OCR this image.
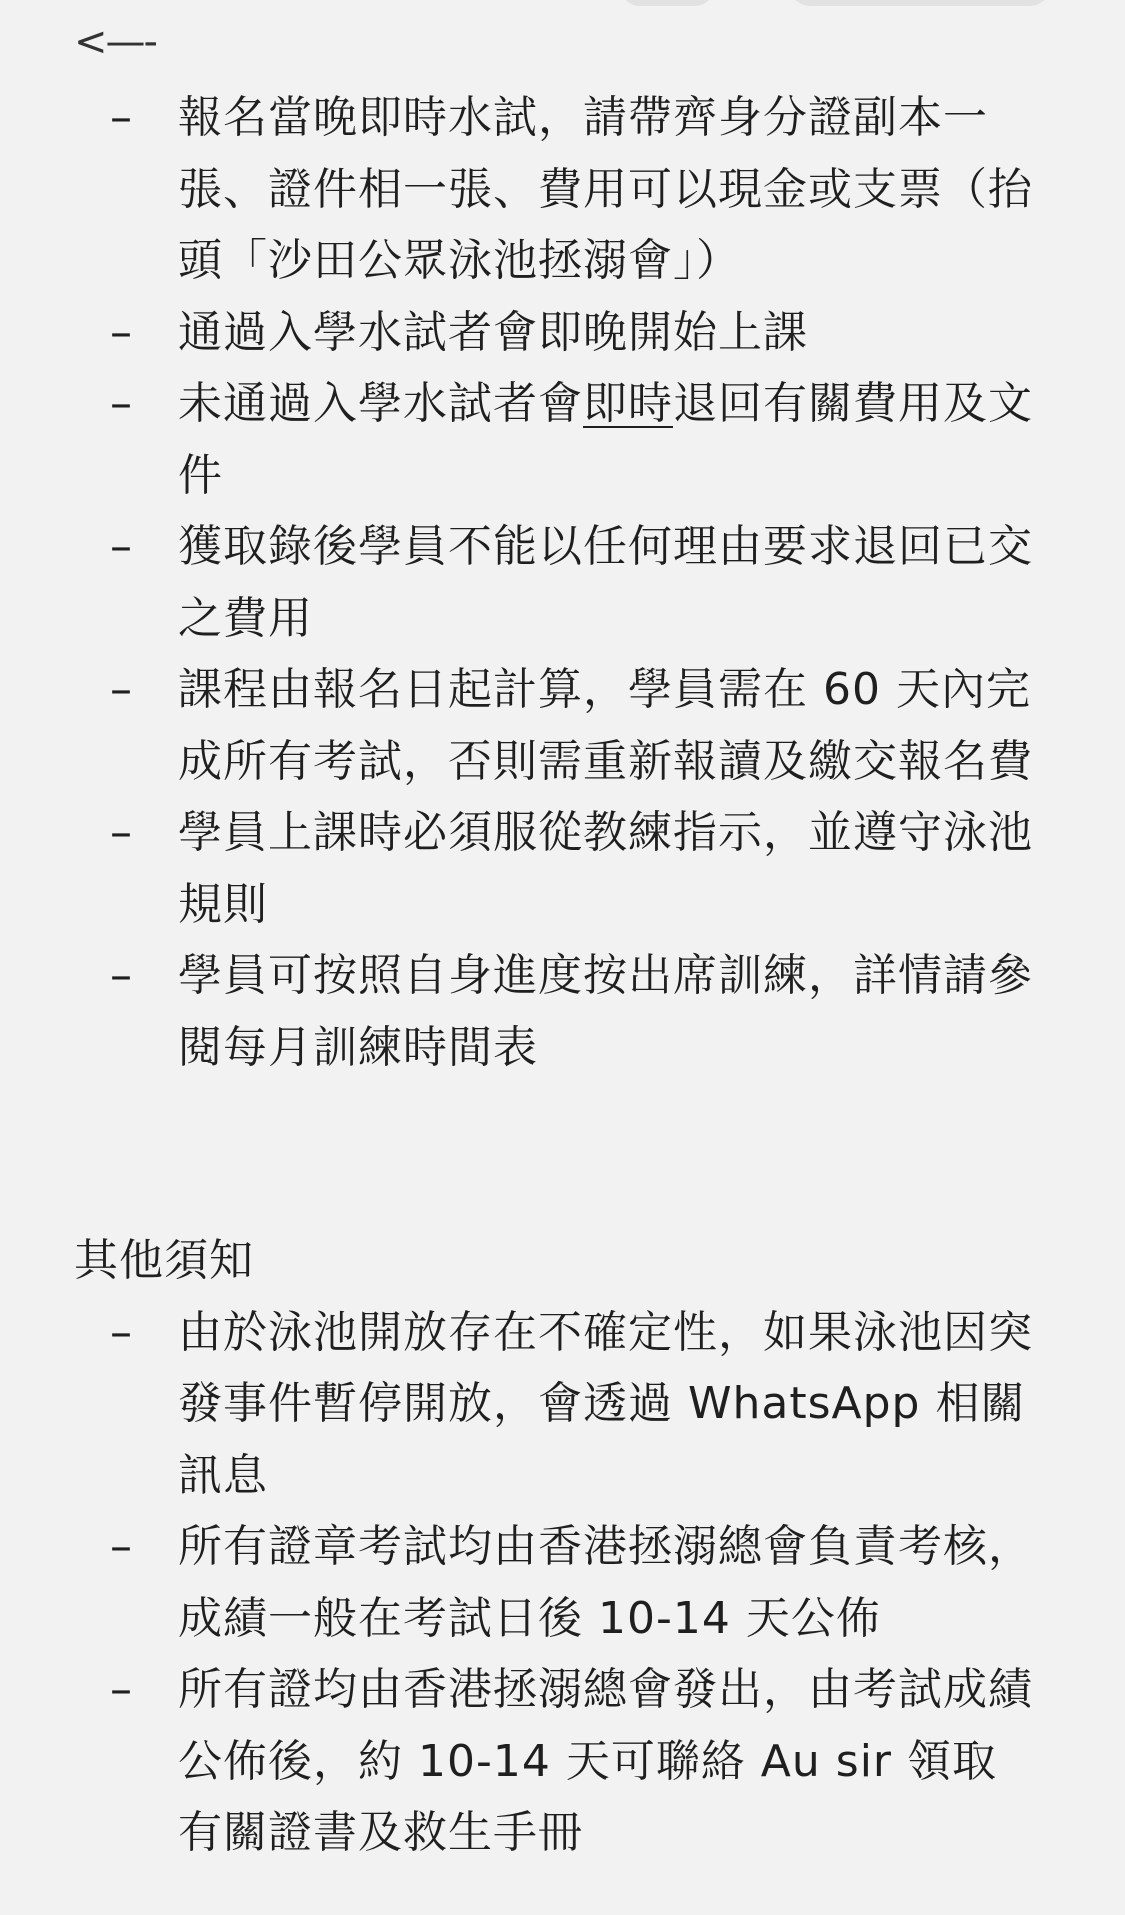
<—-
–	報名當晚即時水試，請帶齊身分證副本一張、證件相一張、費用可以現金或支票（抬頭「沙田公眾泳池拯溺會」）
–	通過入學水試者會即晚開始上課
–	未通過入學水試者會即時退回有關費用及文件
–	獲取錄後學員不能以任何理由要求退回已交之費用
–	課程由報名日起計算，學員需在 60 天內完成所有考試，否則需重新報讀及繳交報名費
–	學員上課時必須服從教練指示，並遵守泳池規則
–	學員可按照自身進度按出席訓練，詳情請參閱每月訓練時間表
其他須知
–	由於泳池開放存在不確定性，如果泳池因突發事件暫停開放，會透過 WhatsApp 相關訊息
–	所有證章考試均由香港拯溺總會負責考核，成績一般在考試日後 10-14 天公佈
–	所有證均由香港拯溺總會發出，由考試成績公佈後，約 10-14 天可聯絡 Au sir 領取有關證書及救生手冊
